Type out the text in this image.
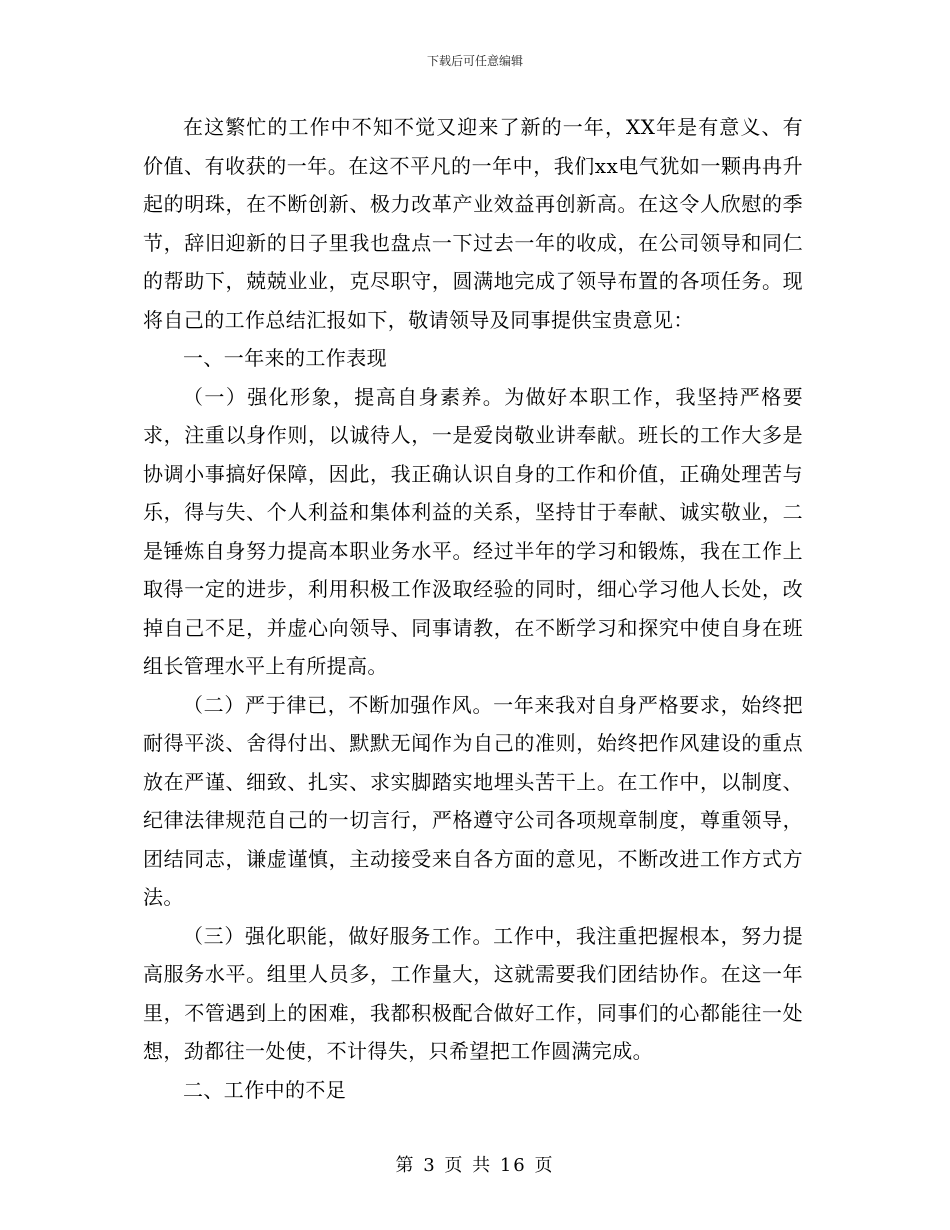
下载后可任意编辑

在这繁忙的工作中不知不觉又迎来了新的一年，XX年是有意义、有价值、有收获的一年。在这不平凡的一年中，我们xx电气犹如一颗冉冉升起的明珠，在不断创新、极力改革产业效益再创新高。在这令人欣慰的季节，辞旧迎新的日子里我也盘点一下过去一年的收成，在公司领导和同仁的帮助下，兢兢业业，克尽职守，圆满地完成了领导布置的各项任务。现将自己的工作总结汇报如下，敬请领导及同事提供宝贵意见：

一、一年来的工作表现

（一）强化形象，提高自身素养。为做好本职工作，我坚持严格要求，注重以身作则，以诚待人，一是爱岗敬业讲奉献。班长的工作大多是协调小事搞好保障，因此，我正确认识自身的工作和价值，正确处理苦与乐，得与失、个人利益和集体利益的关系，坚持甘于奉献、诚实敬业，二是锤炼自身努力提高本职业务水平。经过半年的学习和锻炼，我在工作上取得一定的进步，利用积极工作汲取经验的同时，细心学习他人长处，改掉自己不足，并虚心向领导、同事请教，在不断学习和探究中使自身在班组长管理水平上有所提高。

（二）严于律已，不断加强作风。一年来我对自身严格要求，始终把耐得平淡、舍得付出、默默无闻作为自己的准则，始终把作风建设的重点放在严谨、细致、扎实、求实脚踏实地埋头苦干上。在工作中，以制度、纪律法律规范自己的一切言行，严格遵守公司各项规章制度，尊重领导，团结同志，谦虚谨慎，主动接受来自各方面的意见，不断改进工作方式方法。

（三）强化职能，做好服务工作。工作中，我注重把握根本，努力提高服务水平。组里人员多，工作量大，这就需要我们团结协作。在这一年里，不管遇到上的困难，我都积极配合做好工作，同事们的心都能往一处想，劲都往一处使，不计得失，只希望把工作圆满完成。

二、工作中的不足

第 3 页 共 16 页
